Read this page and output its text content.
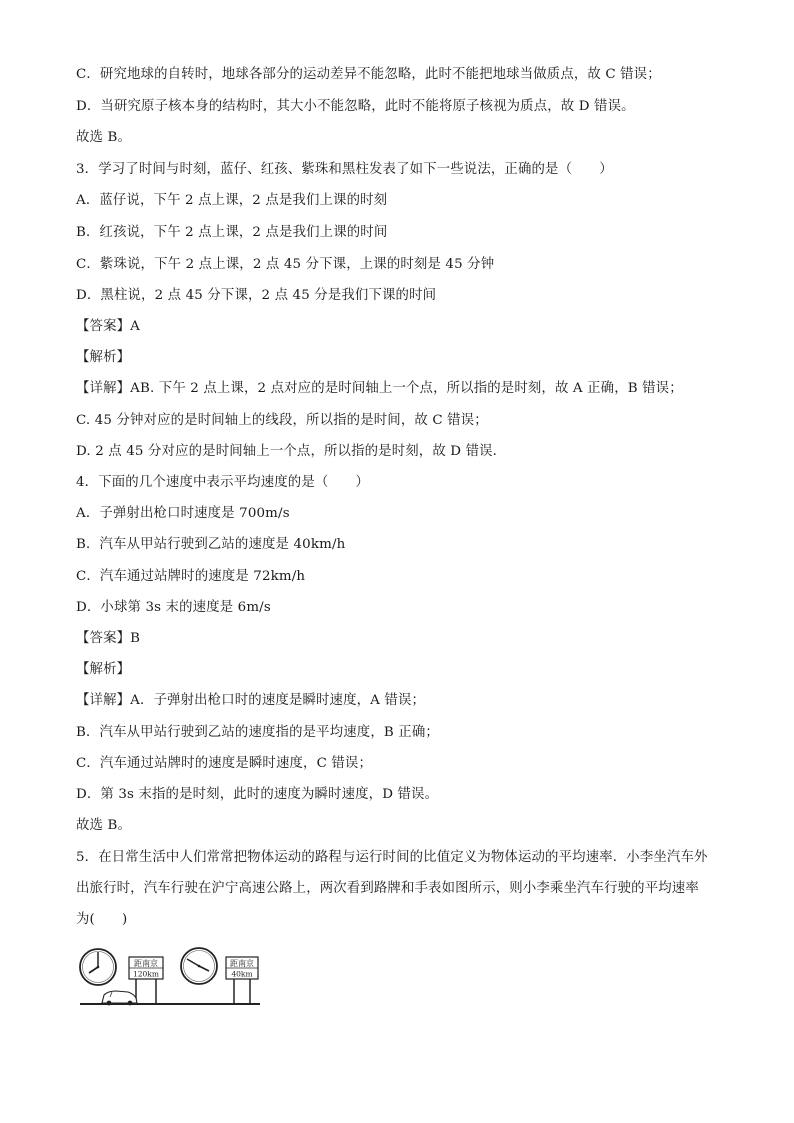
C．研究地球的自转时，地球各部分的运动差异不能忽略，此时不能把地球当做质点，故 C 错误；
D．当研究原子核本身的结构时，其大小不能忽略，此时不能将原子核视为质点，故 D 错误。
故选 B。
3．学习了时间与时刻，蓝仔、红孩、紫珠和黑柱发表了如下一些说法，正确的是（　　）
A．蓝仔说，下午 2 点上课，2 点是我们上课的时刻
B．红孩说，下午 2 点上课，2 点是我们上课的时间
C．紫珠说，下午 2 点上课，2 点 45 分下课，上课的时刻是 45 分钟
D．黑柱说，2 点 45 分下课，2 点 45 分是我们下课的时间
【答案】A
【解析】
【详解】AB. 下午 2 点上课，2 点对应的是时间轴上一个点，所以指的是时刻，故 A 正确，B 错误；
C. 45 分钟对应的是时间轴上的线段，所以指的是时间，故 C 错误；
D. 2 点 45 分对应的是时间轴上一个点，所以指的是时刻，故 D 错误．
4．下面的几个速度中表示平均速度的是（　　）
A．子弹射出枪口时速度是 700m/s
B．汽车从甲站行驶到乙站的速度是 40km/h
C．汽车通过站牌时的速度是 72km/h
D．小球第 3s 末的速度是 6m/s
【答案】B
【解析】
【详解】A．子弹射出枪口时的速度是瞬时速度，A 错误；
B．汽车从甲站行驶到乙站的速度指的是平均速度，B 正确；
C．汽车通过站牌时的速度是瞬时速度，C 错误；
D．第 3s 末指的是时刻，此时的速度为瞬时速度，D 错误。
故选 B。
5．在日常生活中人们常常把物体运动的路程与运行时间的比值定义为物体运动的平均速率．小李坐汽车外
出旅行时，汽车行驶在沪宁高速公路上，两次看到路牌和手表如图所示，则小李乘坐汽车行驶的平均速率
为(　　)
距南京
120km
距南京
40km
